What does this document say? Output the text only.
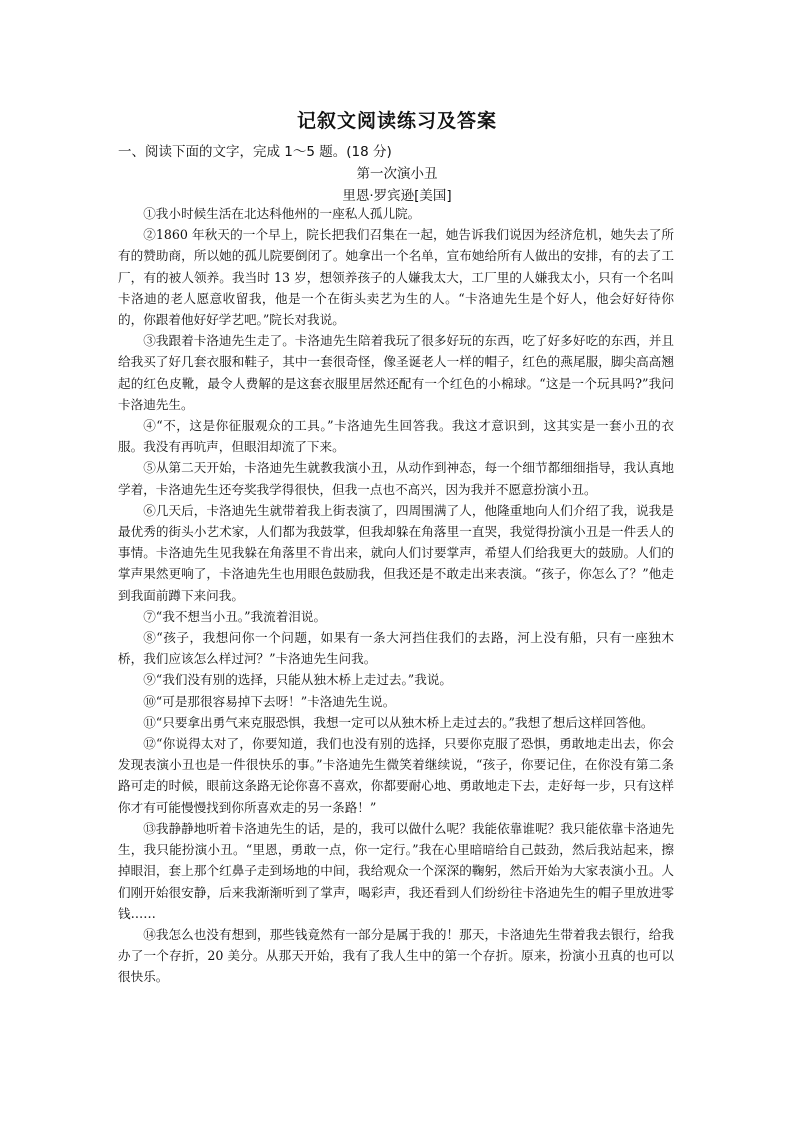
记叙文阅读练习及答案
一、阅读下面的文字，完成 1～5 题。(18 分)
第一次演小丑
里恩·罗宾逊[美国]

①我小时候生活在北达科他州的一座私人孤儿院。

②1860 年秋天的一个早上，院长把我们召集在一起，她告诉我们说因为经济危机，她失去了所有的赞助商，所以她的孤儿院要倒闭了。她拿出一个名单，宣布她给所有人做出的安排，有的去了工厂，有的被人领养。我当时 13 岁，想领养孩子的人嫌我太大，工厂里的人嫌我太小，只有一个名叫卡洛迪的老人愿意收留我，他是一个在街头卖艺为生的人。“卡洛迪先生是个好人，他会好好待你的，你跟着他好好学艺吧。”院长对我说。

③我跟着卡洛迪先生走了。卡洛迪先生陪着我玩了很多好玩的东西，吃了好多好吃的东西，并且给我买了好几套衣服和鞋子，其中一套很奇怪，像圣诞老人一样的帽子，红色的燕尾服，脚尖高高翘起的红色皮靴，最令人费解的是这套衣服里居然还配有一个红色的小棉球。“这是一个玩具吗?”我问卡洛迪先生。

④“不，这是你征服观众的工具。”卡洛迪先生回答我。我这才意识到，这其实是一套小丑的衣服。我没有再吭声，但眼泪却流了下来。

⑤从第二天开始，卡洛迪先生就教我演小丑，从动作到神态，每一个细节都细细指导，我认真地学着，卡洛迪先生还夸奖我学得很快，但我一点也不高兴，因为我并不愿意扮演小丑。

⑥几天后，卡洛迪先生就带着我上街表演了，四周围满了人，他隆重地向人们介绍了我，说我是最优秀的街头小艺术家，人们都为我鼓掌，但我却躲在角落里一直哭，我觉得扮演小丑是一件丢人的事情。卡洛迪先生见我躲在角落里不肯出来，就向人们讨要掌声，希望人们给我更大的鼓励。人们的掌声果然更响了，卡洛迪先生也用眼色鼓励我，但我还是不敢走出来表演。“孩子，你怎么了？”他走到我面前蹲下来问我。

⑦“我不想当小丑。”我流着泪说。

⑧“孩子，我想问你一个问题，如果有一条大河挡住我们的去路，河上没有船，只有一座独木桥，我们应该怎么样过河？”卡洛迪先生问我。

⑨“我们没有别的选择，只能从独木桥上走过去。”我说。

⑩“可是那很容易掉下去呀！”卡洛迪先生说。

⑪“只要拿出勇气来克服恐惧，我想一定可以从独木桥上走过去的。”我想了想后这样回答他。

⑫“你说得太对了，你要知道，我们也没有别的选择，只要你克服了恐惧，勇敢地走出去，你会发现表演小丑也是一件很快乐的事。”卡洛迪先生微笑着继续说，“孩子，你要记住，在你没有第二条路可走的时候，眼前这条路无论你喜不喜欢，你都要耐心地、勇敢地走下去，走好每一步，只有这样你才有可能慢慢找到你所喜欢走的另一条路！”

⑬我静静地听着卡洛迪先生的话，是的，我可以做什么呢？我能依靠谁呢？我只能依靠卡洛迪先生，我只能扮演小丑。“里恩，勇敢一点，你一定行。”我在心里暗暗给自己鼓劲，然后我站起来，擦掉眼泪，套上那个红鼻子走到场地的中间，我给观众一个深深的鞠躬，然后开始为大家表演小丑。人们刚开始很安静，后来我渐渐听到了掌声，喝彩声，我还看到人们纷纷往卡洛迪先生的帽子里放进零钱……

⑭我怎么也没有想到，那些钱竟然有一部分是属于我的！那天，卡洛迪先生带着我去银行，给我办了一个存折，20 美分。从那天开始，我有了我人生中的第一个存折。原来，扮演小丑真的也可以很快乐。
